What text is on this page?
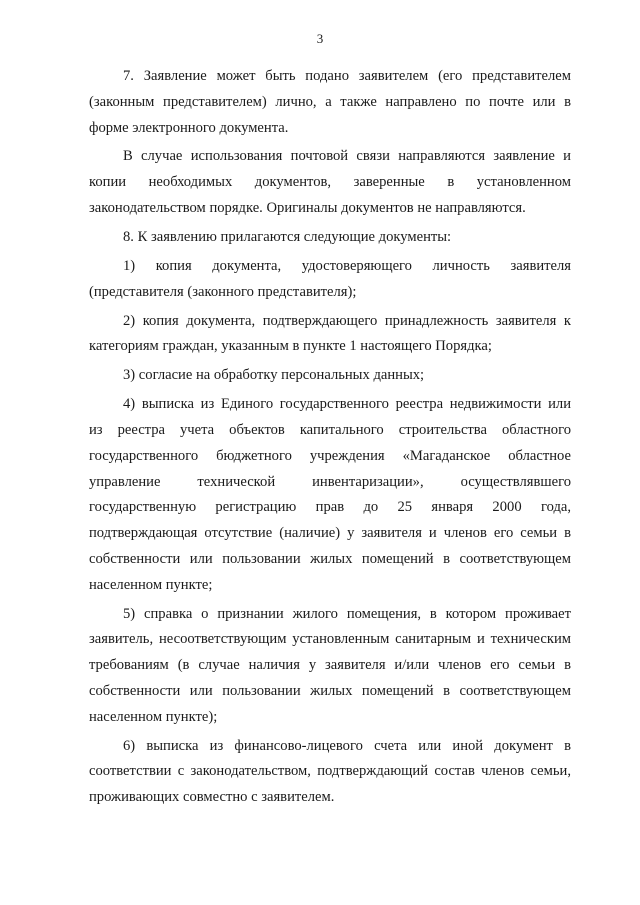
3

7. Заявление может быть подано заявителем (его представителем
(законным представителем) лично, а также направлено по почте или в
форме электронного документа.

В случае использования почтовой связи направляются заявление и
копии необходимых документов, заверенные в установленном
законодательством порядке. Оригиналы документов не направляются.

8. К заявлению прилагаются следующие документы:

1) копия документа, удостоверяющего личность заявителя
(представителя (законного представителя);

2) копия документа, подтверждающего принадлежность заявителя к
категориям граждан, указанным в пункте 1 настоящего Порядка;

3) согласие на обработку персональных данных;

4) выписка из Единого государственного реестра недвижимости или
из реестра учета объектов капитального строительства областного
государственного бюджетного учреждения «Магаданское областное
управление технической инвентаризации», осуществлявшего
государственную регистрацию прав до 25 января 2000 года,
подтверждающая отсутствие (наличие) у заявителя и членов его семьи в
собственности или пользовании жилых помещений в соответствующем
населенном пункте;

5) справка о признании жилого помещения, в котором проживает
заявитель, несоответствующим установленным санитарным и техническим
требованиям (в случае наличия у заявителя и/или членов его семьи в
собственности или пользовании жилых помещений в соответствующем
населенном пункте);

6) выписка из финансово-лицевого счета или иной документ в
соответствии с законодательством, подтверждающий состав членов семьи,
проживающих совместно с заявителем.
